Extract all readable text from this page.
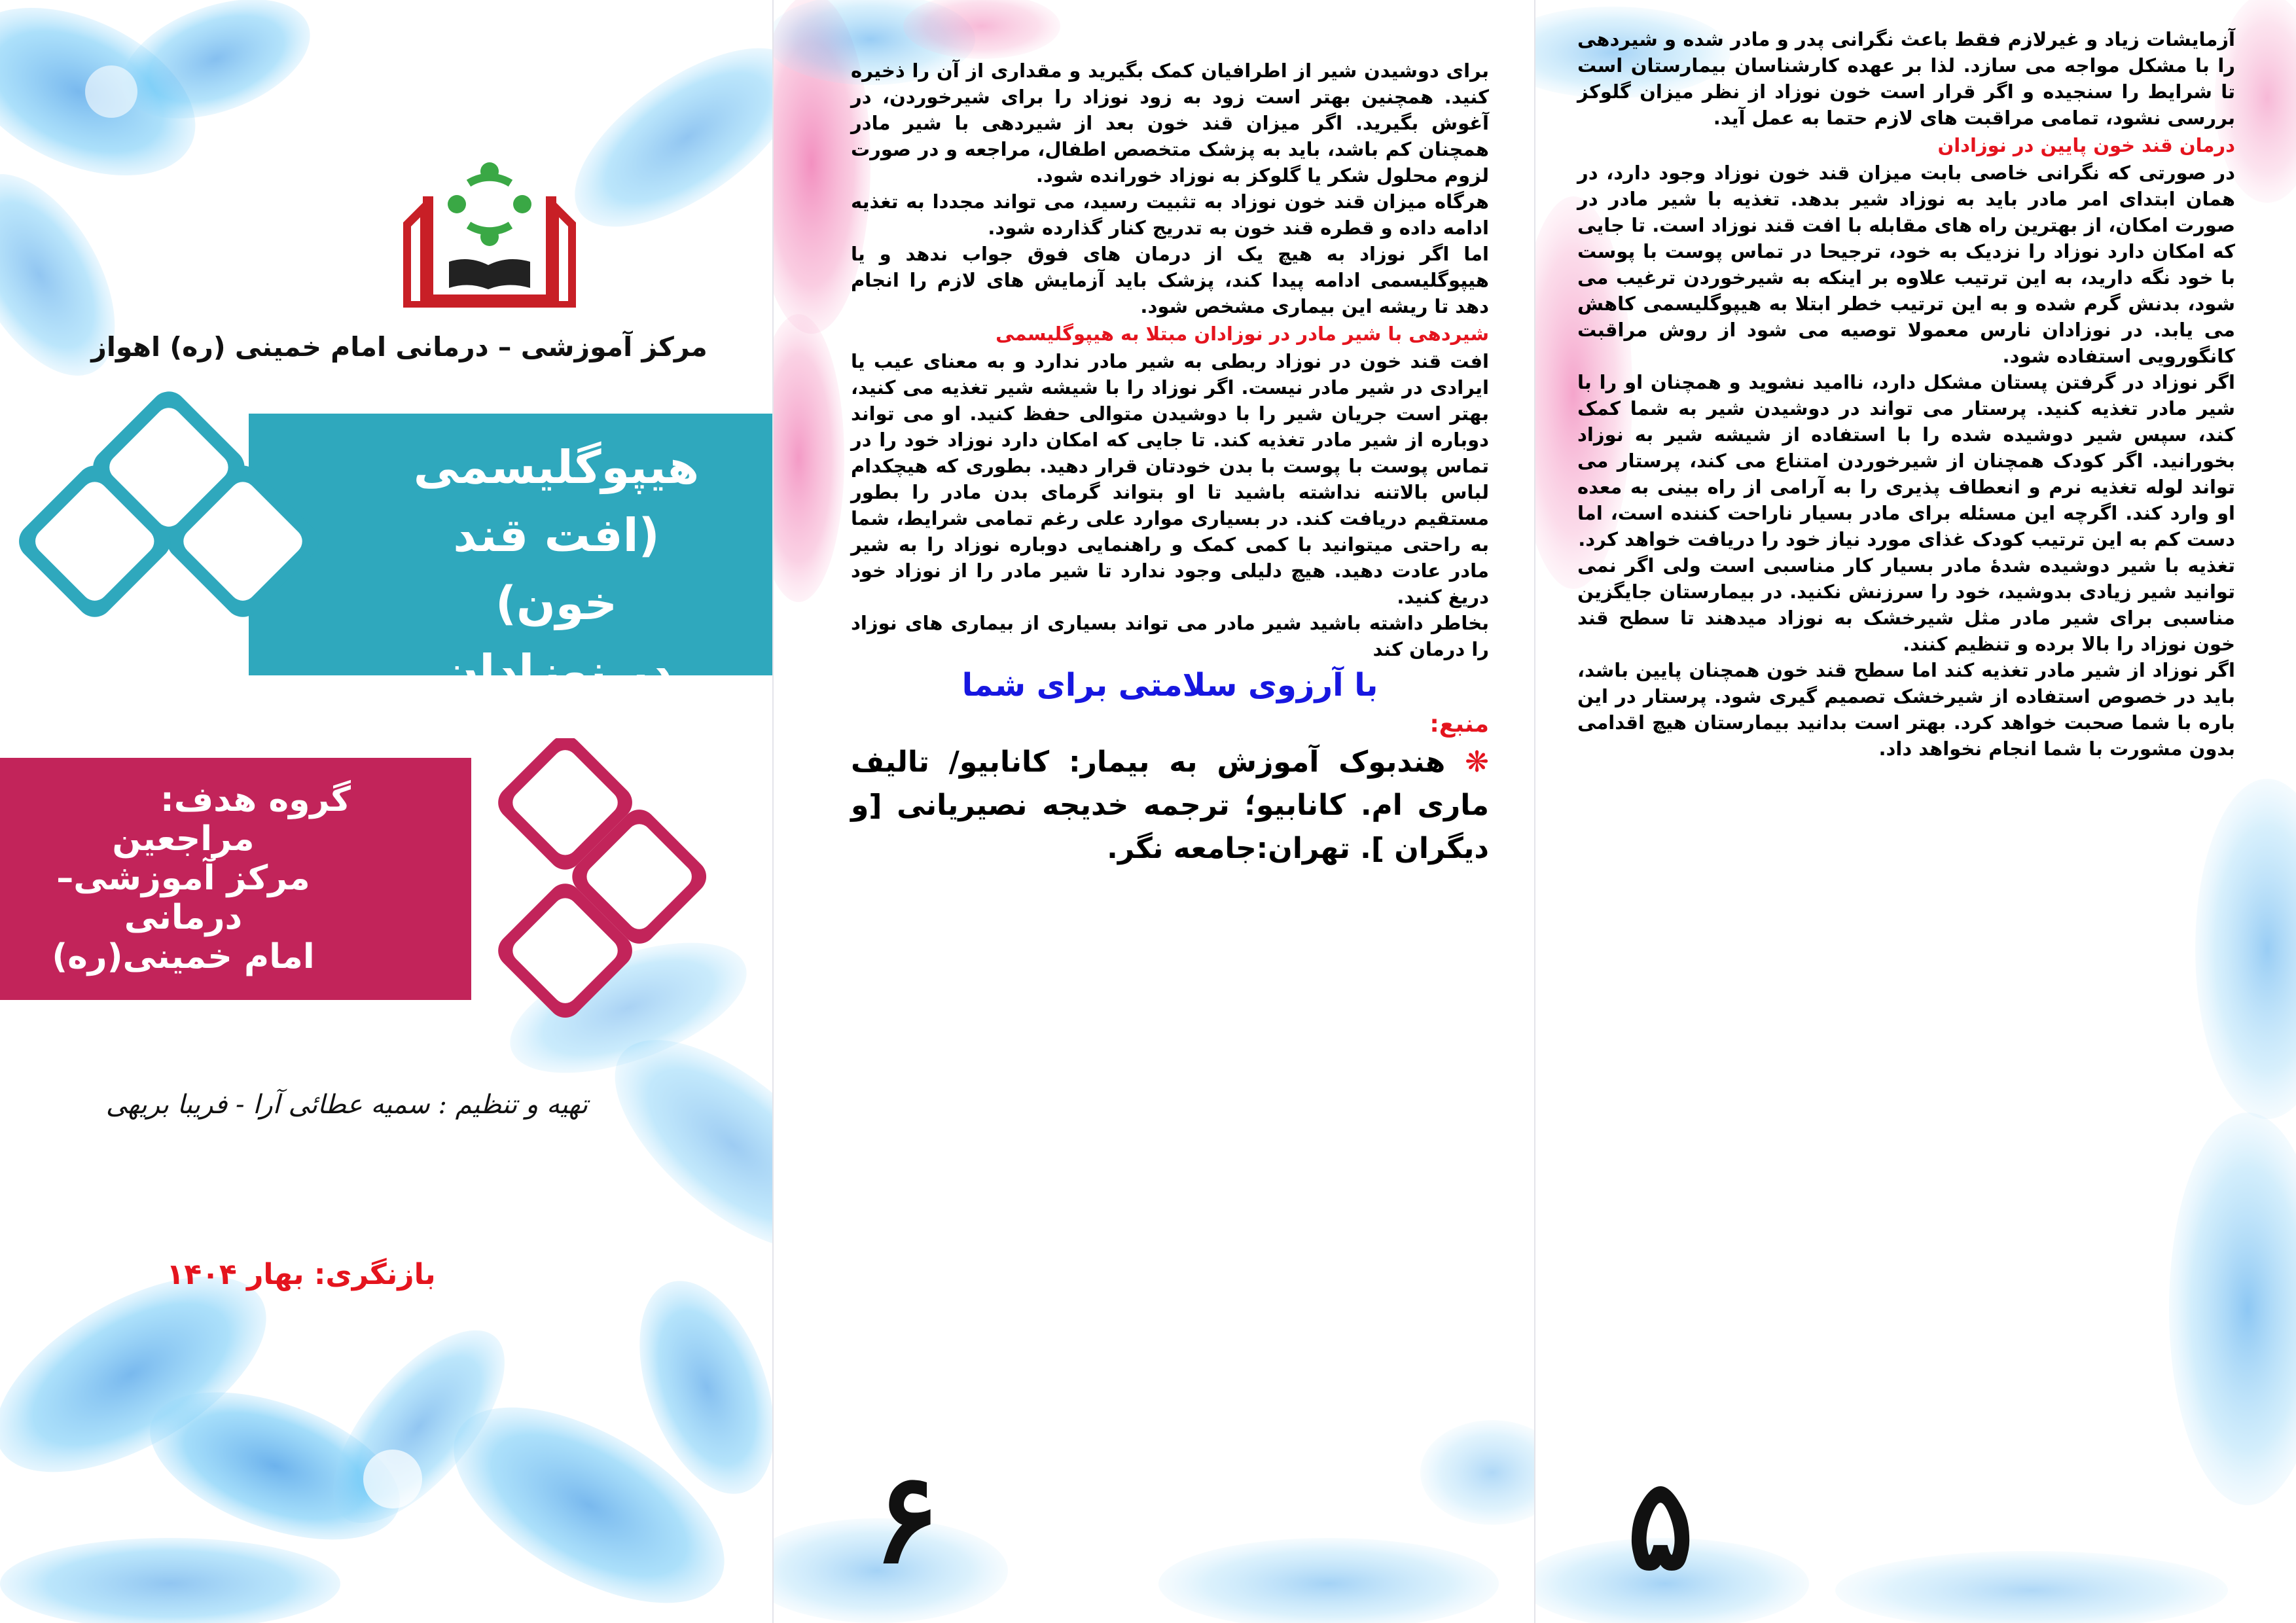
مرکز آموزشی – درمانی امام خمینی (ره) اهواز
هیپوگلیسمی
(افت قند خون)
در نوزادان
گروه هدف:
مراجعین
مرکز آموزشی–درمانی
امام خمینی(ره)
تهیه و تنظیم : سمیه عطائی آرا - فریبا بریهی
بازنگری: بهار ۱۴۰۴

برای دوشیدن شیر از اطرافیان کمک بگیرید و مقداری از آن را ذخیره کنید. همچنین بهتر است زود به زود نوزاد را برای شیرخوردن، در آغوش بگیرید. اگر میزان قند خون بعد از شیردهی با شیر مادر همچنان کم باشد، باید به پزشک متخصص اطفال، مراجعه و در صورت لزوم محلول شکر یا گلوکز به نوزاد خورانده شود.

هرگاه میزان قند خون نوزاد به تثبیت رسید، می تواند مجددا به تغذیه ادامه داده و قطره قند خون به تدریج کنار گذارده شود.

اما اگر نوزاد به هیچ یک از درمان های فوق جواب ندهد و یا هیپوگلیسمی ادامه پیدا کند، پزشک باید آزمایش های لازم را انجام دهد تا ریشه این بیماری مشخص شود.

شیردهی با شیر مادر در نوزادان مبتلا به هیپوگلیسمی

افت قند خون در نوزاد ربطی به شیر مادر ندارد و به معنای عیب یا ایرادی در شیر مادر نیست. اگر نوزاد را با شیشه شیر تغذیه می کنید، بهتر است جریان شیر را با دوشیدن متوالی حفظ کنید. او می تواند دوباره از شیر مادر تغذیه کند. تا جایی که امکان دارد نوزاد خود را در تماس پوست با پوست با بدن خودتان قرار دهید. بطوری که هیچکدام لباس بالاتنه نداشته باشید تا او بتواند گرمای بدن مادر را بطور مستقیم دریافت کند. در بسیاری موارد علی رغم تمامی شرایط، شما به راحتی میتوانید با کمی کمک و راهنمایی دوباره نوزاد را به شیر مادر عادت دهید. هیچ دلیلی وجود ندارد تا شیر مادر را از نوزاد خود دریغ کنید.

بخاطر داشته باشید شیر مادر می تواند بسیاری از بیماری های نوزاد را درمان کند

با آرزوی سلامتی برای شما

منبع:

❋ هندبوک آموزش به بیمار: کانابیو/ تالیف ماری ام. کانابیو؛ ترجمه خدیجه نصیریانی [و دیگران ]. تهران:جامعه نگر.

۶

آزمایشات زیاد و غیرلازم فقط باعث نگرانی پدر و مادر شده و شیردهی را با مشکل مواجه می سازد. لذا بر عهده کارشناسان بیمارستان است تا شرایط را سنجیده و اگر قرار است خون نوزاد از نظر میزان گلوکز بررسی نشود، تمامی مراقبت های لازم حتما به عمل آید.

درمان قند خون پایین در نوزادان

در صورتی که نگرانی خاصی بابت میزان قند خون نوزاد وجود دارد، در همان ابتدای امر مادر باید به نوزاد شیر بدهد. تغذیه با شیر مادر در صورت امکان، از بهترین راه های مقابله با افت قند نوزاد است. تا جایی که امکان دارد نوزاد را نزدیک به خود، ترجیحا در تماس پوست با پوست با خود نگه دارید، به این ترتیب علاوه بر اینکه به شیرخوردن ترغیب می شود، بدنش گرم شده و به این ترتیب خطر ابتلا به هیپوگلیسمی کاهش می یابد. در نوزادان نارس معمولا توصیه می شود از روش مراقبت کانگورویی استفاده شود.

اگر نوزاد در گرفتن پستان مشکل دارد، ناامید نشوید و همچنان او را با شیر مادر تغذیه کنید. پرستار می تواند در دوشیدن شیر به شما کمک کند، سپس شیر دوشیده شده را با استفاده از شیشه شیر به نوزاد بخورانید. اگر کودک همچنان از شیرخوردن امتناع می کند، پرستار می تواند لوله تغذیه نرم و انعطاف پذیری را به آرامی از راه بینی به معده او وارد کند. اگرچه این مسئله برای مادر بسیار ناراحت کننده است، اما دست کم به این ترتیب کودک غذای مورد نیاز خود را دریافت خواهد کرد.

تغذیه با شیر دوشیده شدهٔ مادر بسیار کار مناسبی است ولی اگر نمی توانید شیر زیادی بدوشید، خود را سرزنش نکنید. در بیمارستان جایگزین مناسبی برای شیر مادر مثل شیرخشک به نوزاد میدهند تا سطح قند خون نوزاد را بالا برده و تنظیم کنند.

اگر نوزاد از شیر مادر تغذیه کند اما سطح قند خون همچنان پایین باشد، باید در خصوص استفاده از شیرخشک تصمیم گیری شود. پرستار در این باره با شما صحبت خواهد کرد. بهتر است بدانید بیمارستان هیچ اقدامی بدون مشورت با شما انجام نخواهد داد.

۵
